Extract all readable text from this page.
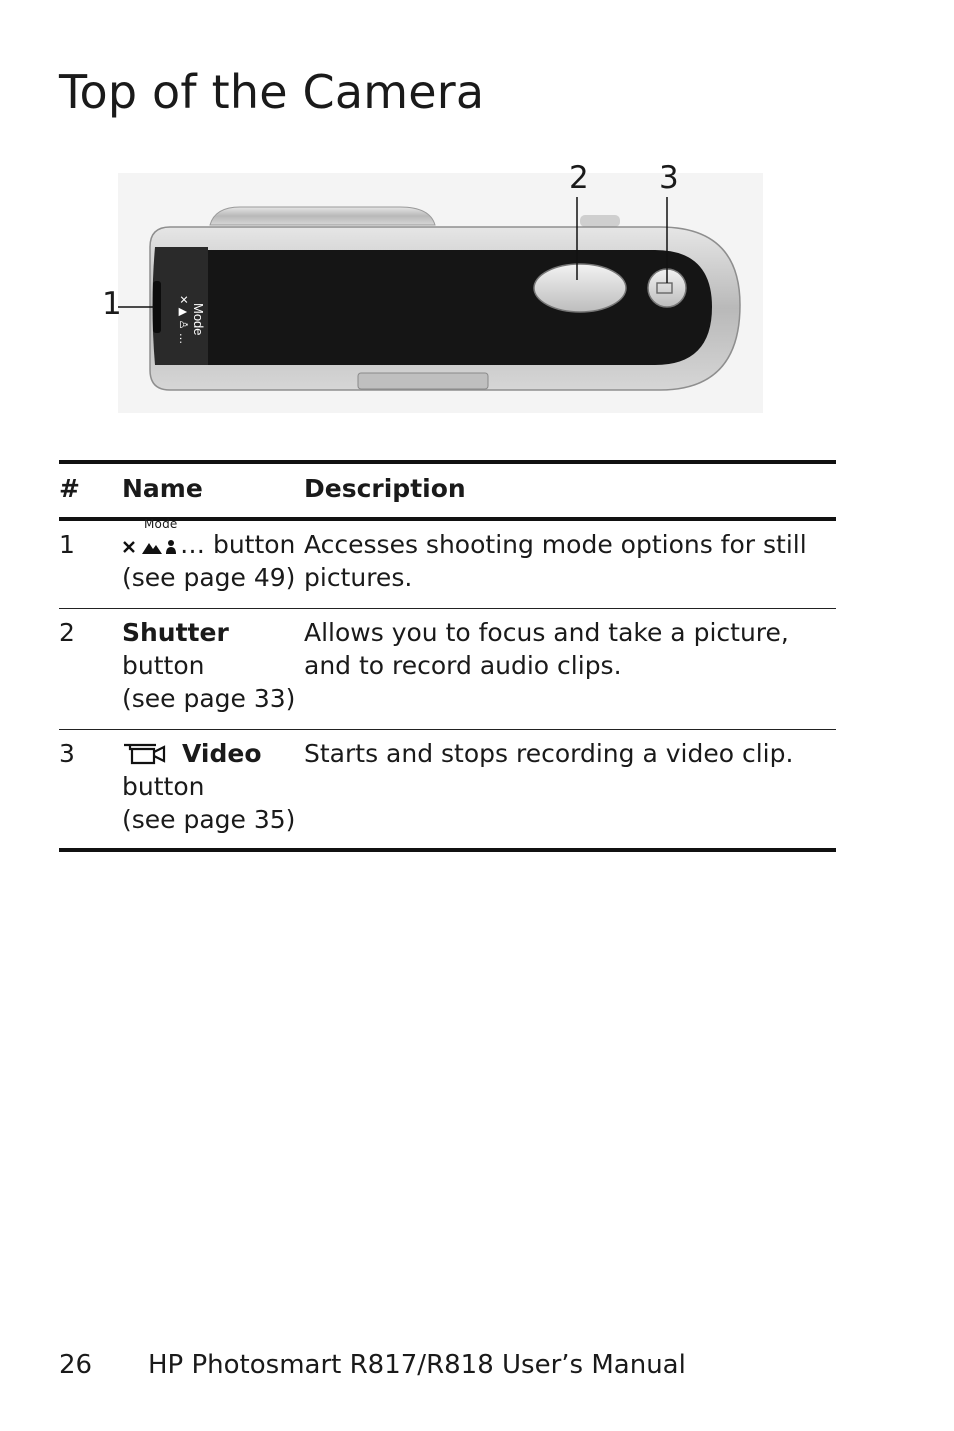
Top of the Camera
Mode
✕ ▲ ♙ …
1
2 3
#	Name	Description
1	Mode
… button
(see page 49)	Accesses shooting mode options for still pictures.
2	Shutter button
(see page 33)	Allows you to focus and take a picture, and to record audio clips.
3	Video
button
(see page 35)	Starts and stops recording a video clip.
26 HP Photosmart R817/R818 User’s Manual
